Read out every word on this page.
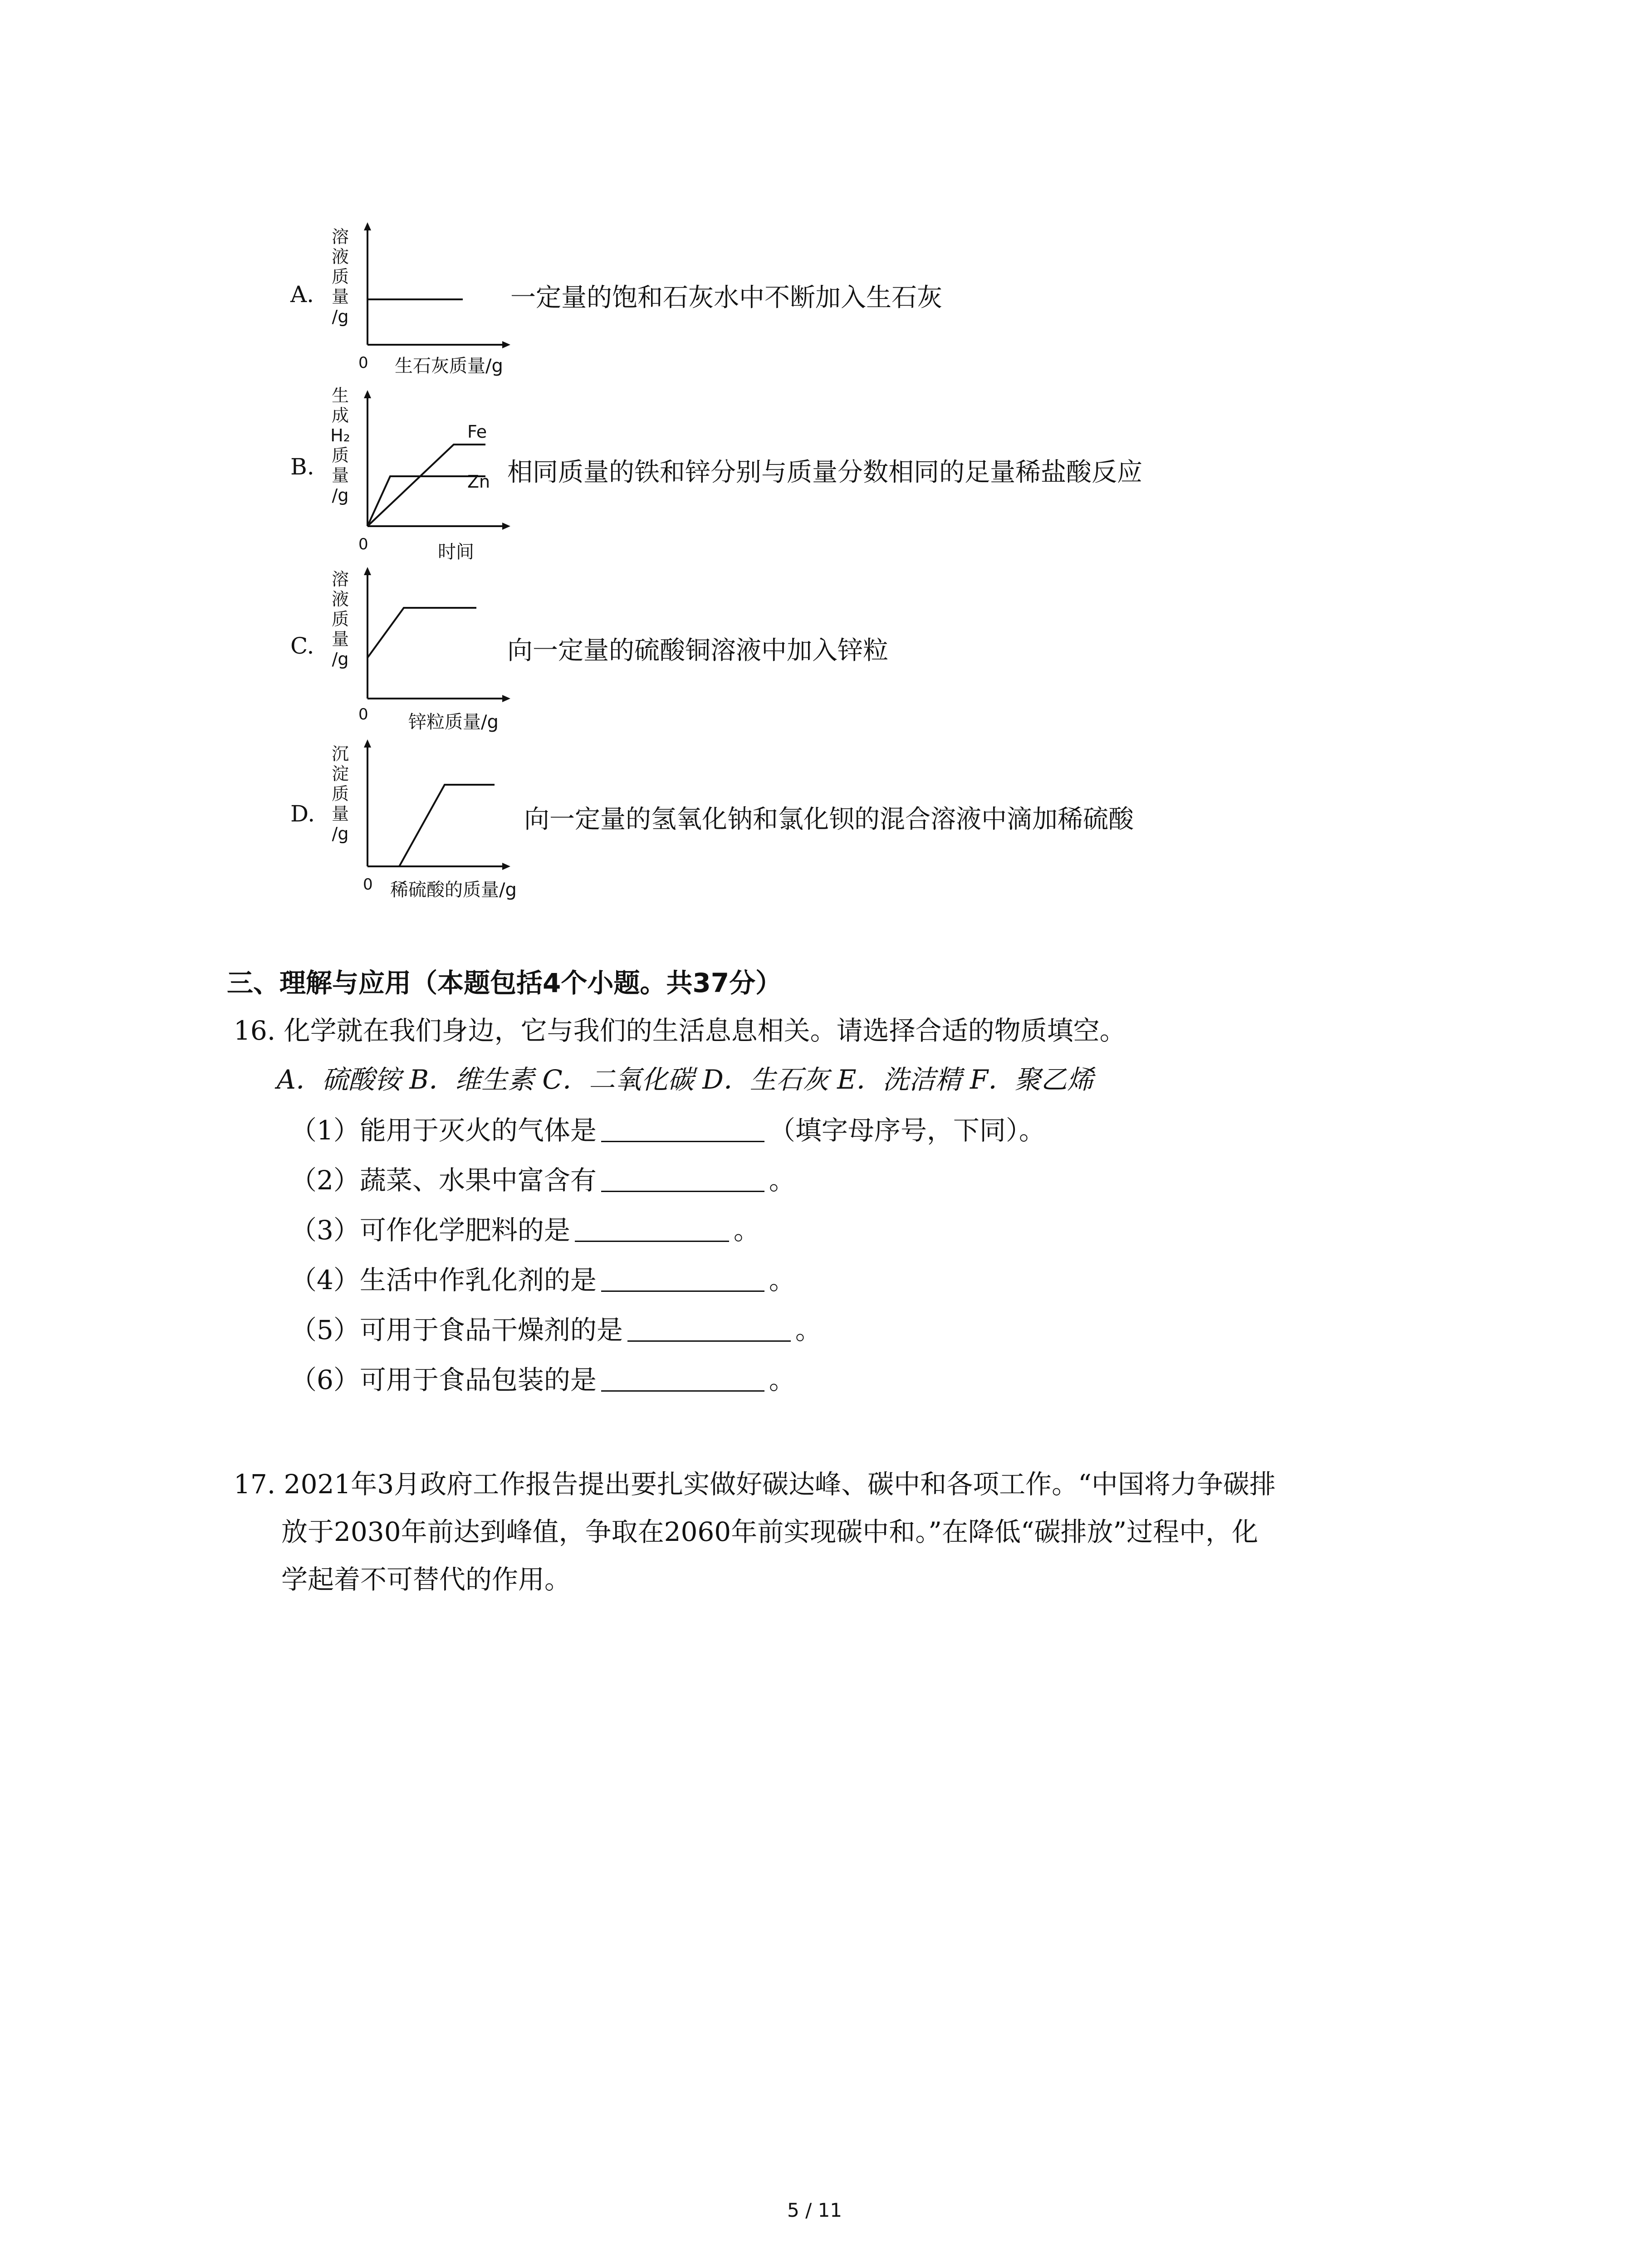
A.
溶
液
质
量
/g
0 生石灰质量/g
一定量的饱和石灰水中不断加入生石灰
B.
生
成
H₂
质
量
/g
Fe
Zn
0	时间
相同质量的铁和锌分别与质量分数相同的足量稀盐酸反应
C.
溶
液
质
量
/g
0 锌粒质量/g
向一定量的硫酸铜溶液中加入锌粒
D.
沉
淀
质
量
/g
0 稀硫酸的质量/g
向一定量的氢氧化钠和氯化钡的混合溶液中滴加稀硫酸
三、理解与应用（本题包括4个小题。共37分）
16. 化学就在我们身边，它与我们的生活息息相关。请选择合适的物质填空。
A．硫酸铵 B．维生素 C．二氧化碳 D．生石灰 E．洗洁精 F．聚乙烯
（1）能用于灭火的气体是	（填字母序号，下同）。
（2）蔬菜、水果中富含有	。
（3）可作化学肥料的是	。
（4）生活中作乳化剂的是	。
（5）可用于食品干燥剂的是	。
（6）可用于食品包装的是	。
17. 2021年3月政府工作报告提出要扎实做好碳达峰、碳中和各项工作。“中国将力争碳排
放于2030年前达到峰值，争取在2060年前实现碳中和。”在降低“碳排放”过程中，化
学起着不可替代的作用。
5 / 11
